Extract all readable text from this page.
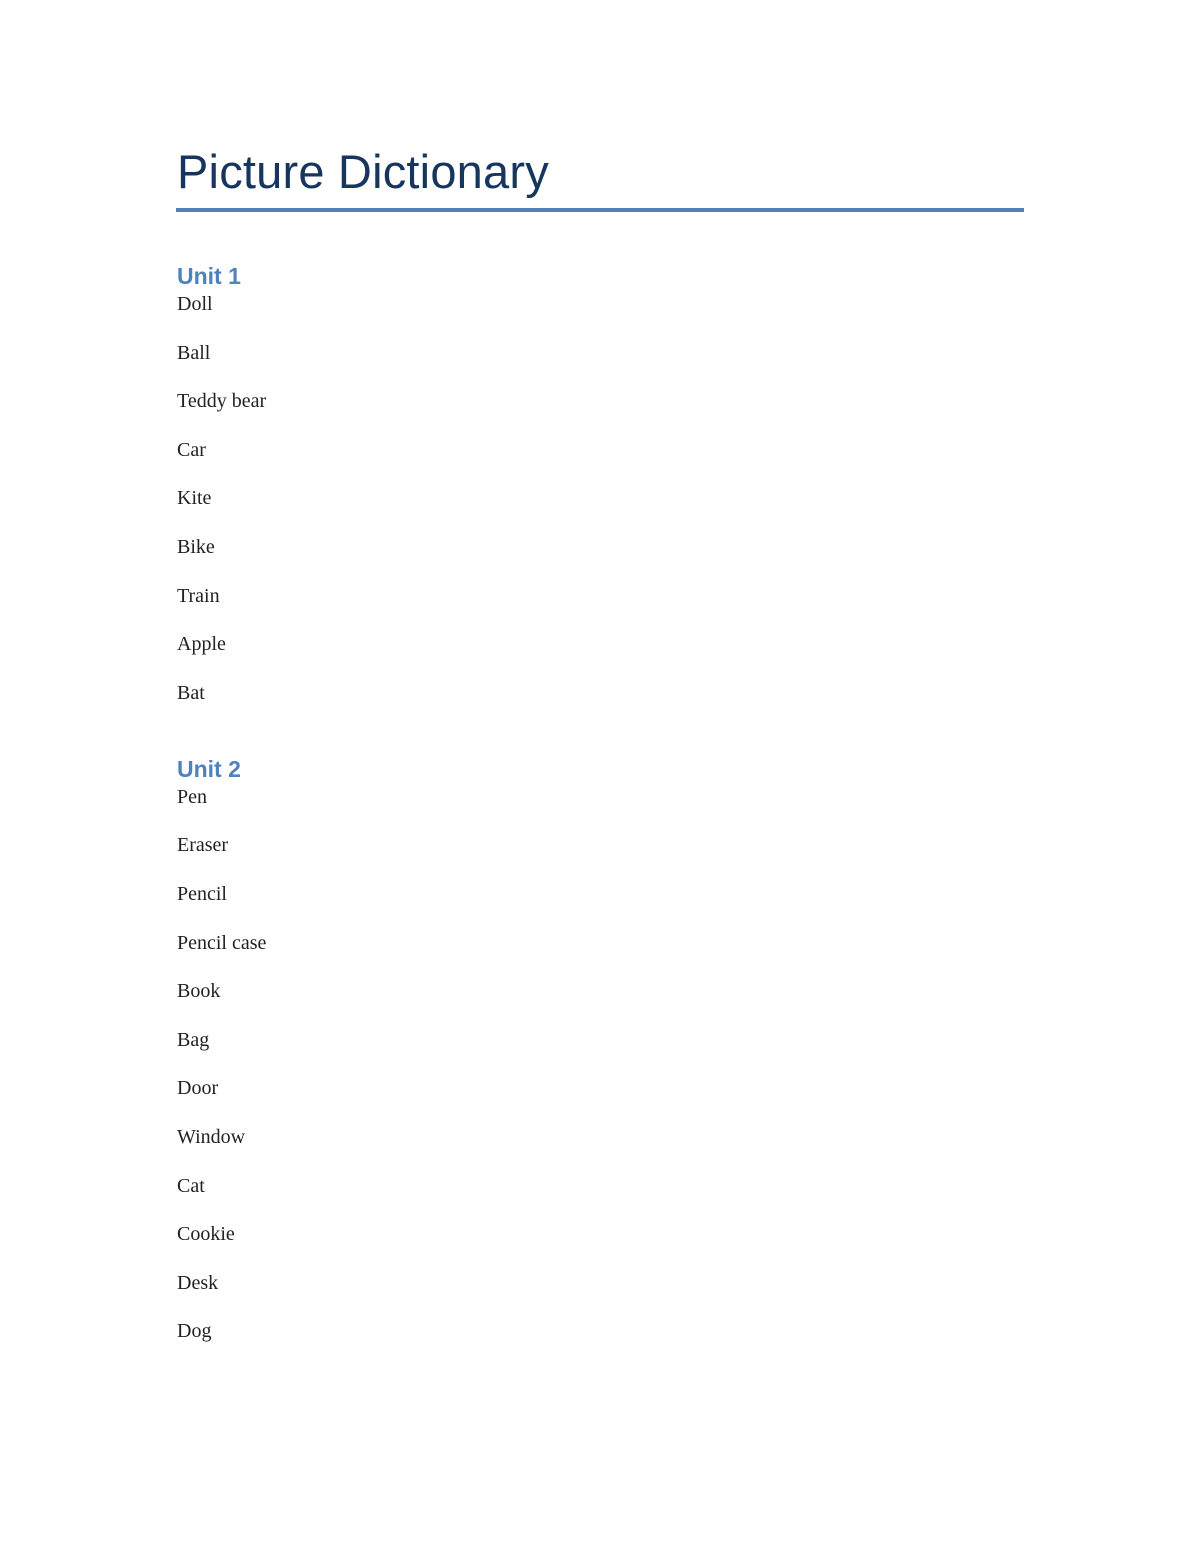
Picture Dictionary
Unit 1
Doll
Ball
Teddy bear
Car
Kite
Bike
Train
Apple
Bat
Unit 2
Pen
Eraser
Pencil
Pencil case
Book
Bag
Door
Window
Cat
Cookie
Desk
Dog
